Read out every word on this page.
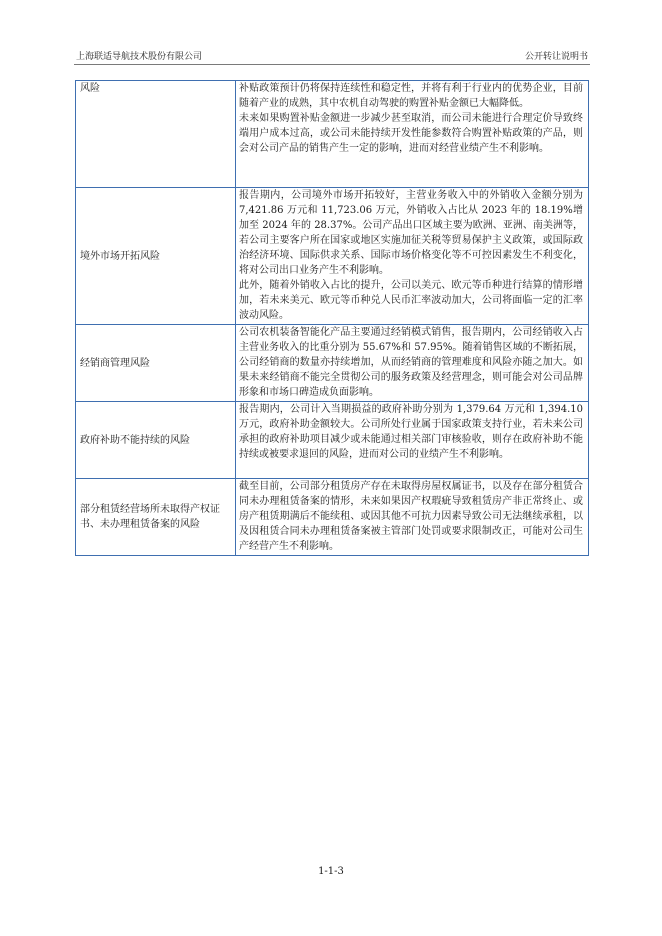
上海联适导航技术股份有限公司	公开转让说明书
风险	补贴政策预计仍将保持连续性和稳定性，并将有利于行业内的优势企业，目前随着产业的成熟，其中农机自动驾驶的购置补贴金额已大幅降低。

未来如果购置补贴金额进一步减少甚至取消，而公司未能进行合理定价导致终端用户成本过高，或公司未能持续开发性能参数符合购置补贴政策的产品，则会对公司产品的销售产生一定的影响，进而对经营业绩产生不利影响。

境外市场开拓风险	报告期内，公司境外市场开拓较好，主营业务收入中的外销收入金额分别为 7,421.86 万元和 11,723.06 万元，外销收入占比从 2023 年的 18.19%增加至 2024 年的 28.37%。公司产品出口区域主要为欧洲、亚洲、南美洲等，若公司主要客户所在国家或地区实施加征关税等贸易保护主义政策，或国际政治经济环境、国际供求关系、国际市场价格变化等不可控因素发生不利变化，将对公司出口业务产生不利影响。

此外，随着外销收入占比的提升，公司以美元、欧元等币种进行结算的情形增加，若未来美元、欧元等币种兑人民币汇率波动加大，公司将面临一定的汇率波动风险。

经销商管理风险	公司农机装备智能化产品主要通过经销模式销售，报告期内，公司经销收入占主营业务收入的比重分别为 55.67%和 57.95%。随着销售区域的不断拓展，公司经销商的数量亦持续增加，从而经销商的管理难度和风险亦随之加大。如果未来经销商不能完全贯彻公司的服务政策及经营理念，则可能会对公司品牌形象和市场口碑造成负面影响。

政府补助不能持续的风险	报告期内，公司计入当期损益的政府补助分别为 1,379.64 万元和 1,394.10 万元，政府补助金额较大。公司所处行业属于国家政策支持行业，若未来公司承担的政府补助项目减少或未能通过相关部门审核验收，则存在政府补助不能持续或被要求退回的风险，进而对公司的业绩产生不利影响。

部分租赁经营场所未取得产权证书、未办理租赁备案的风险	截至目前，公司部分租赁房产存在未取得房屋权属证书，以及存在部分租赁合同未办理租赁备案的情形，未来如果因产权瑕疵导致租赁房产非正常终止、或房产租赁期满后不能续租、或因其他不可抗力因素导致公司无法继续承租，以及因租赁合同未办理租赁备案被主管部门处罚或要求限制改正，可能对公司生产经营产生不利影响。

1-1-3
